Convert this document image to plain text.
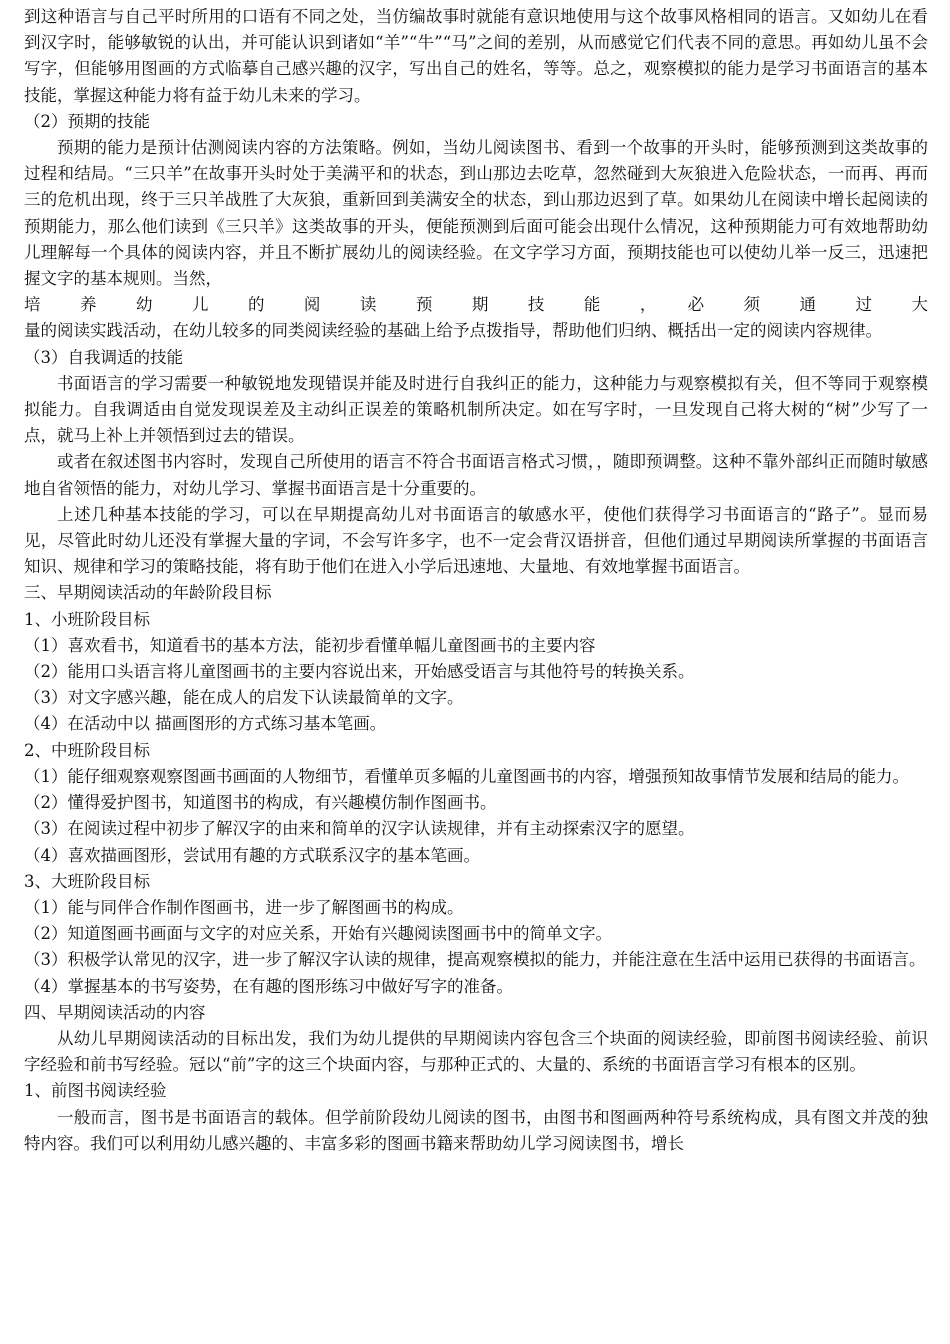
到这种语言与自己平时所用的口语有不同之处，当仿编故事时就能有意识地使用与这个故事风格相同的语言。又如幼儿在看到汉字时，能够敏锐的认出，并可能认识到诸如“羊”“牛”“马”之间的差别，从而感觉它们代表不同的意思。再如幼儿虽不会写字，但能够用图画的方式临摹自己感兴趣的汉字，写出自己的姓名，等等。总之，观察模拟的能力是学习书面语言的基本技能，掌握这种能力将有益于幼儿未来的学习。

（2）预期的技能

预期的能力是预计估测阅读内容的方法策略。例如，当幼儿阅读图书、看到一个故事的开头时，能够预测到这类故事的过程和结局。“三只羊”在故事开头时处于美满平和的状态，到山那边去吃草，忽然碰到大灰狼进入危险状态，一而再、再而三的危机出现，终于三只羊战胜了大灰狼，重新回到美满安全的状态，到山那边迟到了草。如果幼儿在阅读中增长起阅读的预期能力，那么他们读到《三只羊》这类故事的开头，便能预测到后面可能会出现什么情况，这种预期能力可有效地帮助幼儿理解每一个具体的阅读内容，并且不断扩展幼儿的阅读经验。在文字学习方面，预期技能也可以使幼儿举一反三，迅速把握文字的基本规则。当然，

培　养　幼　儿　的　阅　读　预　期　技　能　，　必　须　通　过　大

量的阅读实践活动，在幼儿较多的同类阅读经验的基础上给予点拨指导，帮助他们归纳、概括出一定的阅读内容规律。

（3）自我调适的技能

书面语言的学习需要一种敏锐地发现错误并能及时进行自我纠正的能力，这种能力与观察模拟有关，但不等同于观察模拟能力。自我调适由自觉发现误差及主动纠正误差的策略机制所决定。如在写字时，一旦发现自己将大树的“树”少写了一点，就马上补上并领悟到过去的错误。

或者在叙述图书内容时，发现自己所使用的语言不符合书面语言格式习惯，，随即预调整。这种不靠外部纠正而随时敏感地自省领悟的能力，对幼儿学习、掌握书面语言是十分重要的。

上述几种基本技能的学习，可以在早期提高幼儿对书面语言的敏感水平，使他们获得学习书面语言的“路子”。显而易见，尽管此时幼儿还没有掌握大量的字词，不会写许多字，也不一定会背汉语拼音，但他们通过早期阅读所掌握的书面语言知识、规律和学习的策略技能，将有助于他们在进入小学后迅速地、大量地、有效地掌握书面语言。

三、早期阅读活动的年龄阶段目标

1、小班阶段目标

（1）喜欢看书，知道看书的基本方法，能初步看懂单幅儿童图画书的主要内容

（2）能用口头语言将儿童图画书的主要内容说出来，开始感受语言与其他符号的转换关系。

（3）对文字感兴趣，能在成人的启发下认读最简单的文字。

（4）在活动中以 描画图形的方式练习基本笔画。

2、中班阶段目标

（1）能仔细观察观察图画书画面的人物细节，看懂单页多幅的儿童图画书的内容，增强预知故事情节发展和结局的能力。

（2）懂得爱护图书，知道图书的构成，有兴趣模仿制作图画书。

（3）在阅读过程中初步了解汉字的由来和简单的汉字认读规律，并有主动探索汉字的愿望。

（4）喜欢描画图形，尝试用有趣的方式联系汉字的基本笔画。

3、大班阶段目标

（1）能与同伴合作制作图画书，进一步了解图画书的构成。

（2）知道图画书画面与文字的对应关系，开始有兴趣阅读图画书中的简单文字。

（3）积极学认常见的汉字，进一步了解汉字认读的规律，提高观察模拟的能力，并能注意在生活中运用已获得的书面语言。

（4）掌握基本的书写姿势，在有趣的图形练习中做好写字的准备。

四、早期阅读活动的内容

从幼儿早期阅读活动的目标出发，我们为幼儿提供的早期阅读内容包含三个块面的阅读经验，即前图书阅读经验、前识字经验和前书写经验。冠以“前”字的这三个块面内容，与那种正式的、大量的、系统的书面语言学习有根本的区别。

1、前图书阅读经验

一般而言，图书是书面语言的载体。但学前阶段幼儿阅读的图书，由图书和图画两种符号系统构成，具有图文并茂的独特内容。我们可以利用幼儿感兴趣的、丰富多彩的图画书籍来帮助幼儿学习阅读图书，增长
